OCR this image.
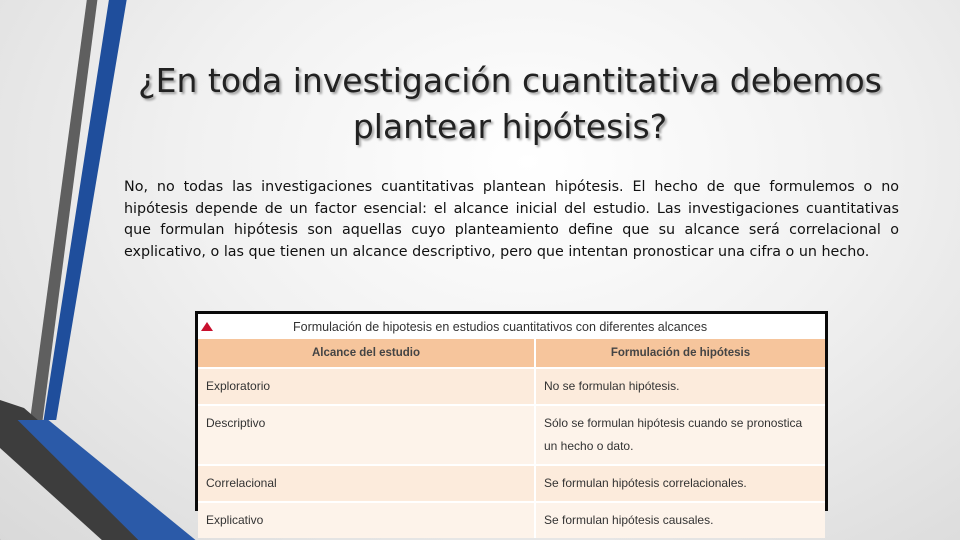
¿En toda investigación cuantitativa debemos plantear hipótesis?

No, no todas las investigaciones cuantitativas plantean hipótesis. El hecho de que formulemos o no hipótesis depende de un factor esencial: el alcance inicial del estudio. Las investigaciones cuantitativas que formulan hipótesis son aquellas cuyo planteamiento define que su alcance será correlacional o explicativo, o las que tienen un alcance descriptivo, pero que intentan pronosticar una cifra o un hecho.

Formulación de hipotesis en estudios cuantitativos con diferentes alcances
Alcance del estudio	Formulación de hipótesis
Exploratorio	No se formulan hipótesis.
Descriptivo	Sólo se formulan hipótesis cuando se pronostica un hecho o dato.
Correlacional	Se formulan hipótesis correlacionales.
Explicativo	Se formulan hipótesis causales.
